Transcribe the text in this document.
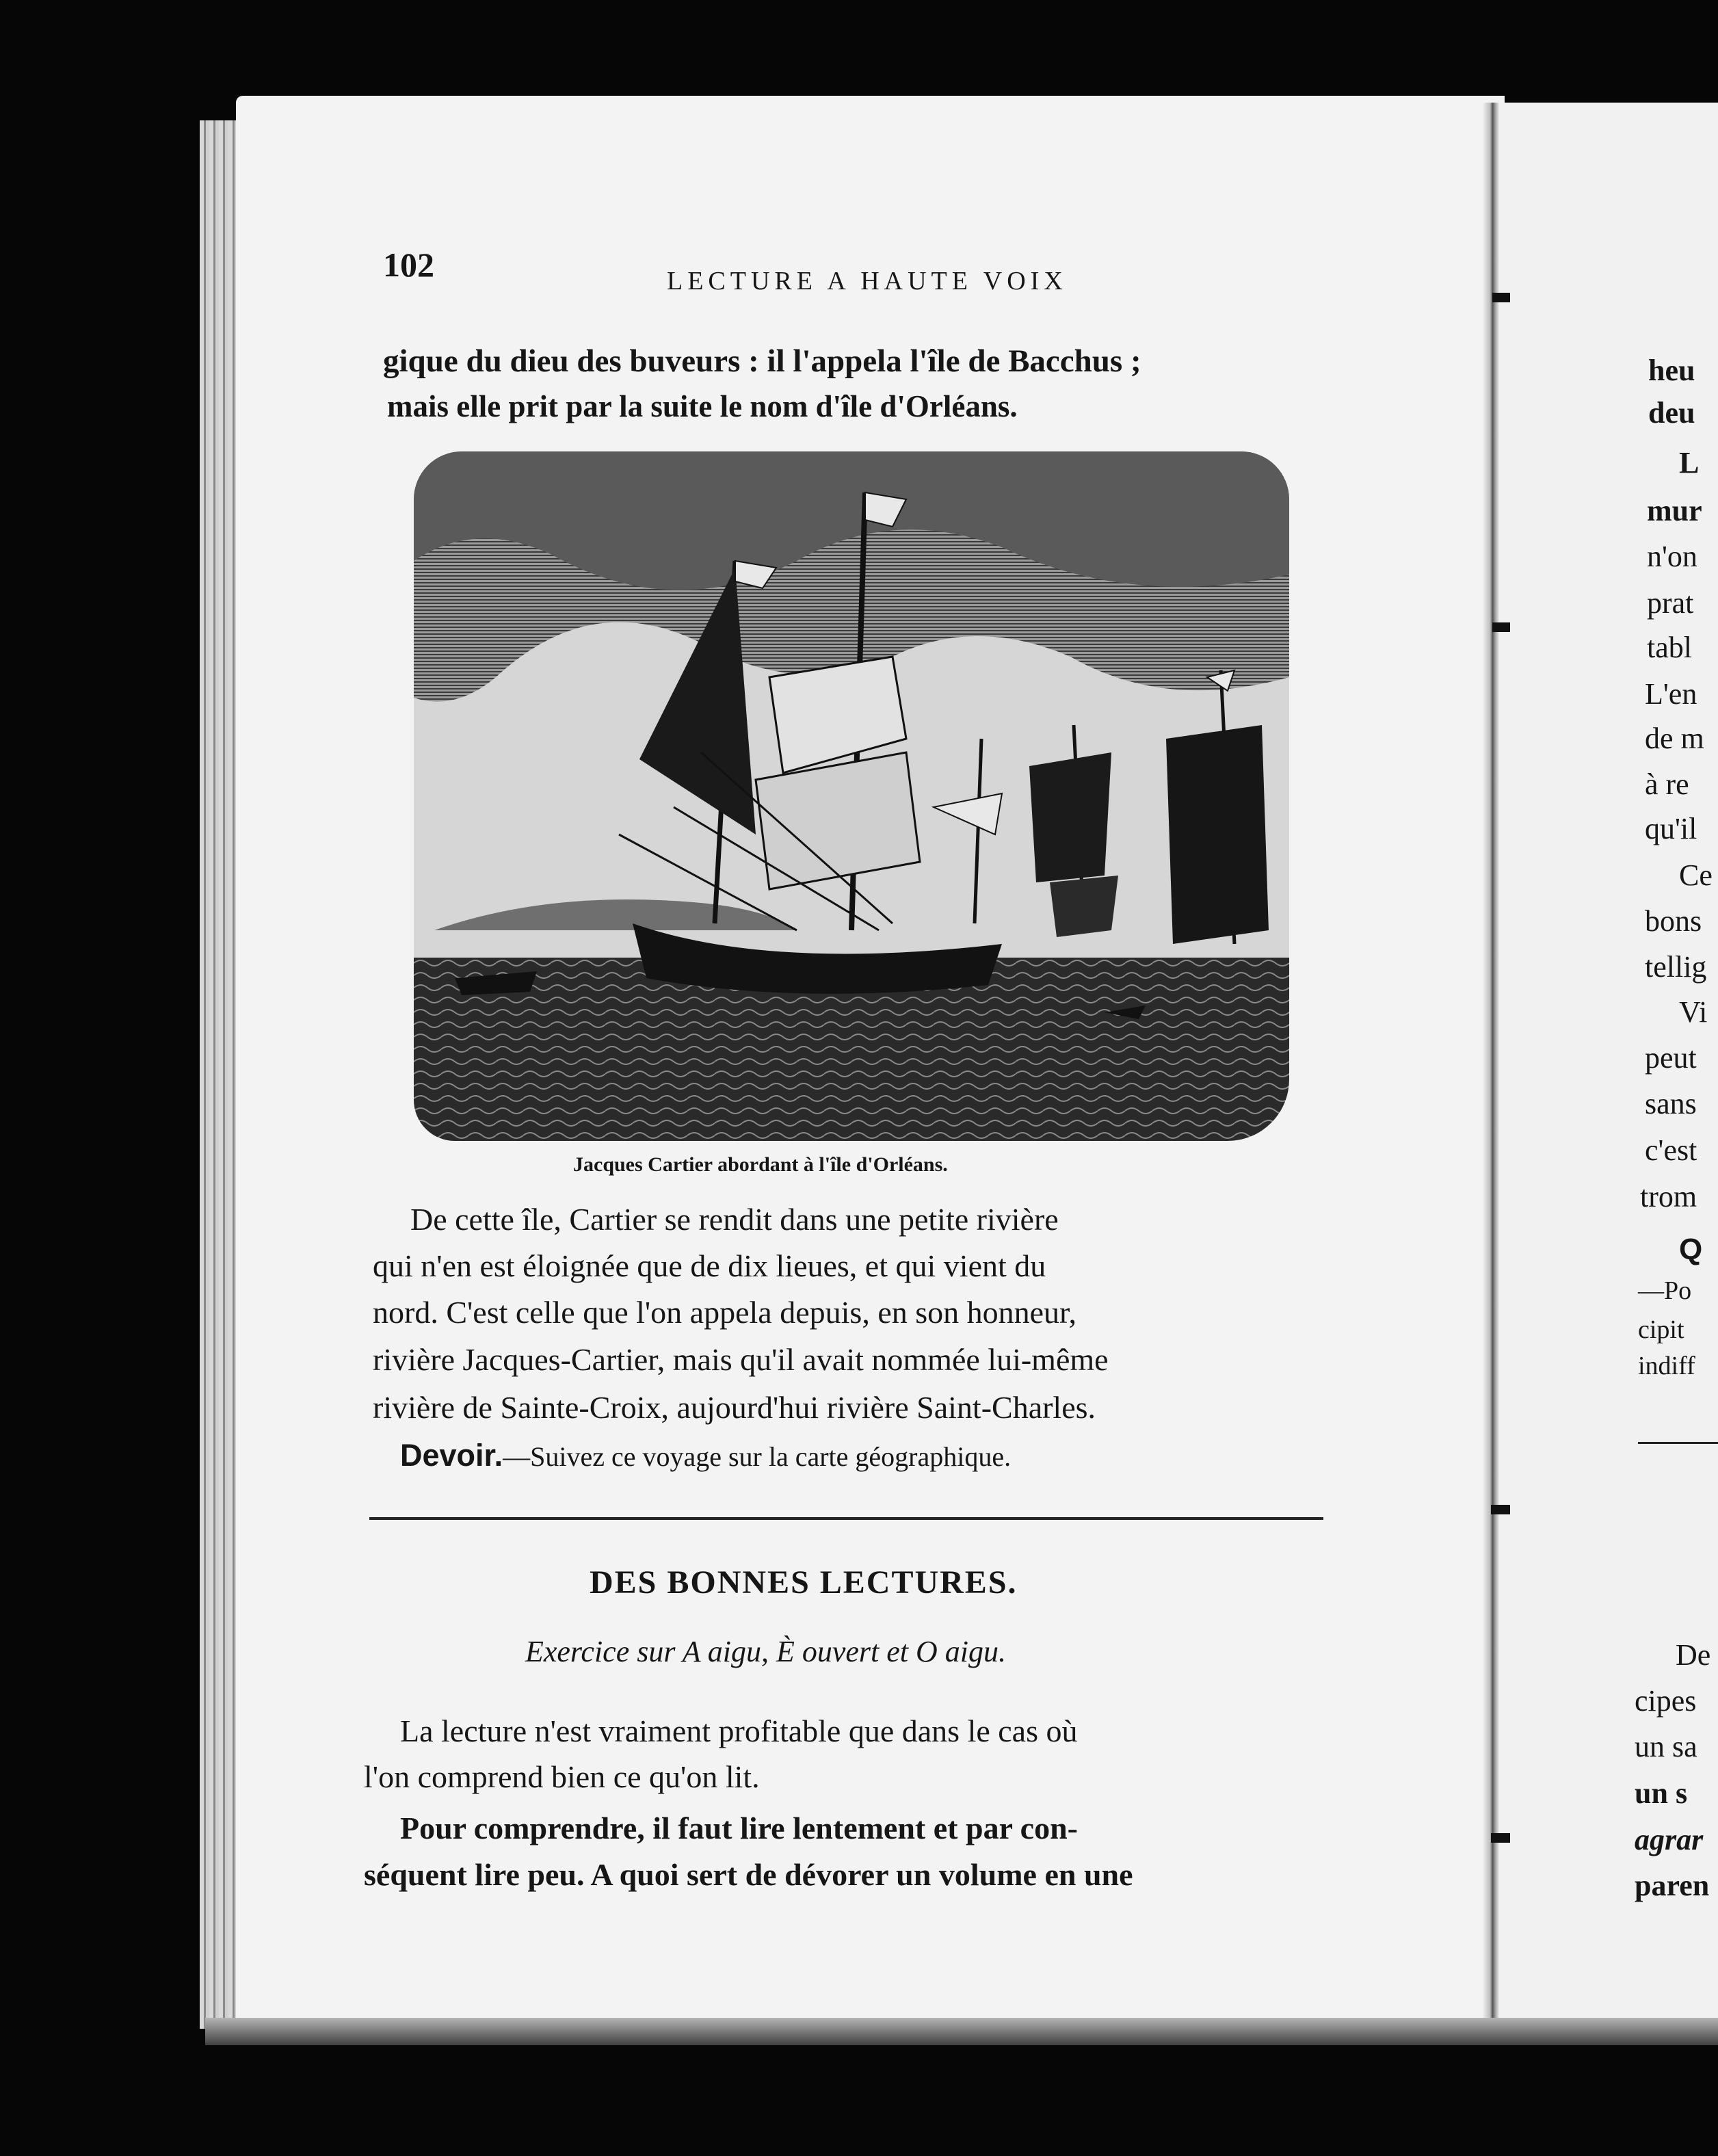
102	LECTURE A HAUTE VOIX
gique du dieu des buveurs : il l'appela l'île de Bacchus ;
mais elle prit par la suite le nom d'île d'Orléans.
Jacques Cartier abordant à l'île d'Orléans.
De cette île, Cartier se rendit dans une petite rivière
qui n'en est éloignée que de dix lieues, et qui vient du
nord. C'est celle que l'on appela depuis, en son honneur,
rivière Jacques-Cartier, mais qu'il avait nommée lui-même
rivière de Sainte-Croix, aujourd'hui rivière Saint-Charles.
Devoir.—Suivez ce voyage sur la carte géographique.
DES BONNES LECTURES.
Exercice sur A aigu, È ouvert et O aigu.
La lecture n'est vraiment profitable que dans le cas où
l'on comprend bien ce qu'on lit.
Pour comprendre, il faut lire lentement et par con-
séquent lire peu. A quoi sert de dévorer un volume en une
heu
deu
L
mur
n'on
prat
tabl
L'en
de m
à re
qu'il
Ce
bons
tellig
Vi
peut
sans
c'est
trom
Q
—Po
cipit
indiff
De
cipes
un sa
un s
agrar
paren
